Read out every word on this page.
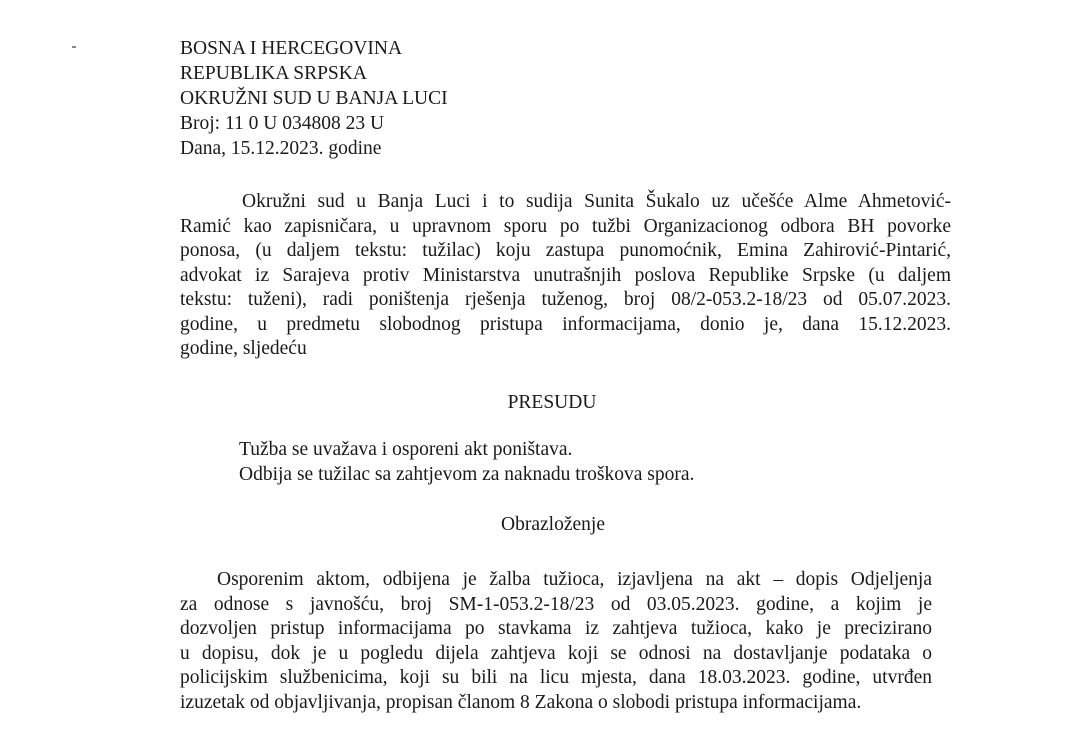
BOSNA I HERCEGOVINA
REPUBLIKA SRPSKA
OKRUŽNI SUD U BANJA LUCI
Broj: 11 0 U 034808 23 U
Dana, 15.12.2023. godine
Okružni sud u Banja Luci i to sudija Sunita Šukalo uz učešće Alme Ahmetović-
Ramić kao zapisničara, u upravnom sporu po tužbi Organizacionog odbora BH povorke
ponosa, (u daljem tekstu: tužilac) koju zastupa punomoćnik, Emina Zahirović-Pintarić,
advokat iz Sarajeva protiv Ministarstva unutrašnjih poslova Republike Srpske (u daljem
tekstu: tuženi), radi poništenja rješenja tuženog, broj 08/2-053.2-18/23 od 05.07.2023.
godine, u predmetu slobodnog pristupa informacijama, donio je, dana 15.12.2023.
godine, sljedeću
PRESUDU
Tužba se uvažava i osporeni akt poništava.
Odbija se tužilac sa zahtjevom za naknadu troškova spora.
Obrazloženje
Osporenim aktom, odbijena je žalba tužioca, izjavljena na akt – dopis Odjeljenja
za odnose s javnošću, broj SM-1-053.2-18/23 od 03.05.2023. godine, a kojim je
dozvoljen pristup informacijama po stavkama iz zahtjeva tužioca, kako je precizirano
u dopisu, dok je u pogledu dijela zahtjeva koji se odnosi na dostavljanje podataka o
policijskim službenicima, koji su bili na licu mjesta, dana 18.03.2023. godine, utvrđen
izuzetak od objavljivanja, propisan članom 8 Zakona o slobodi pristupa informacijama.
